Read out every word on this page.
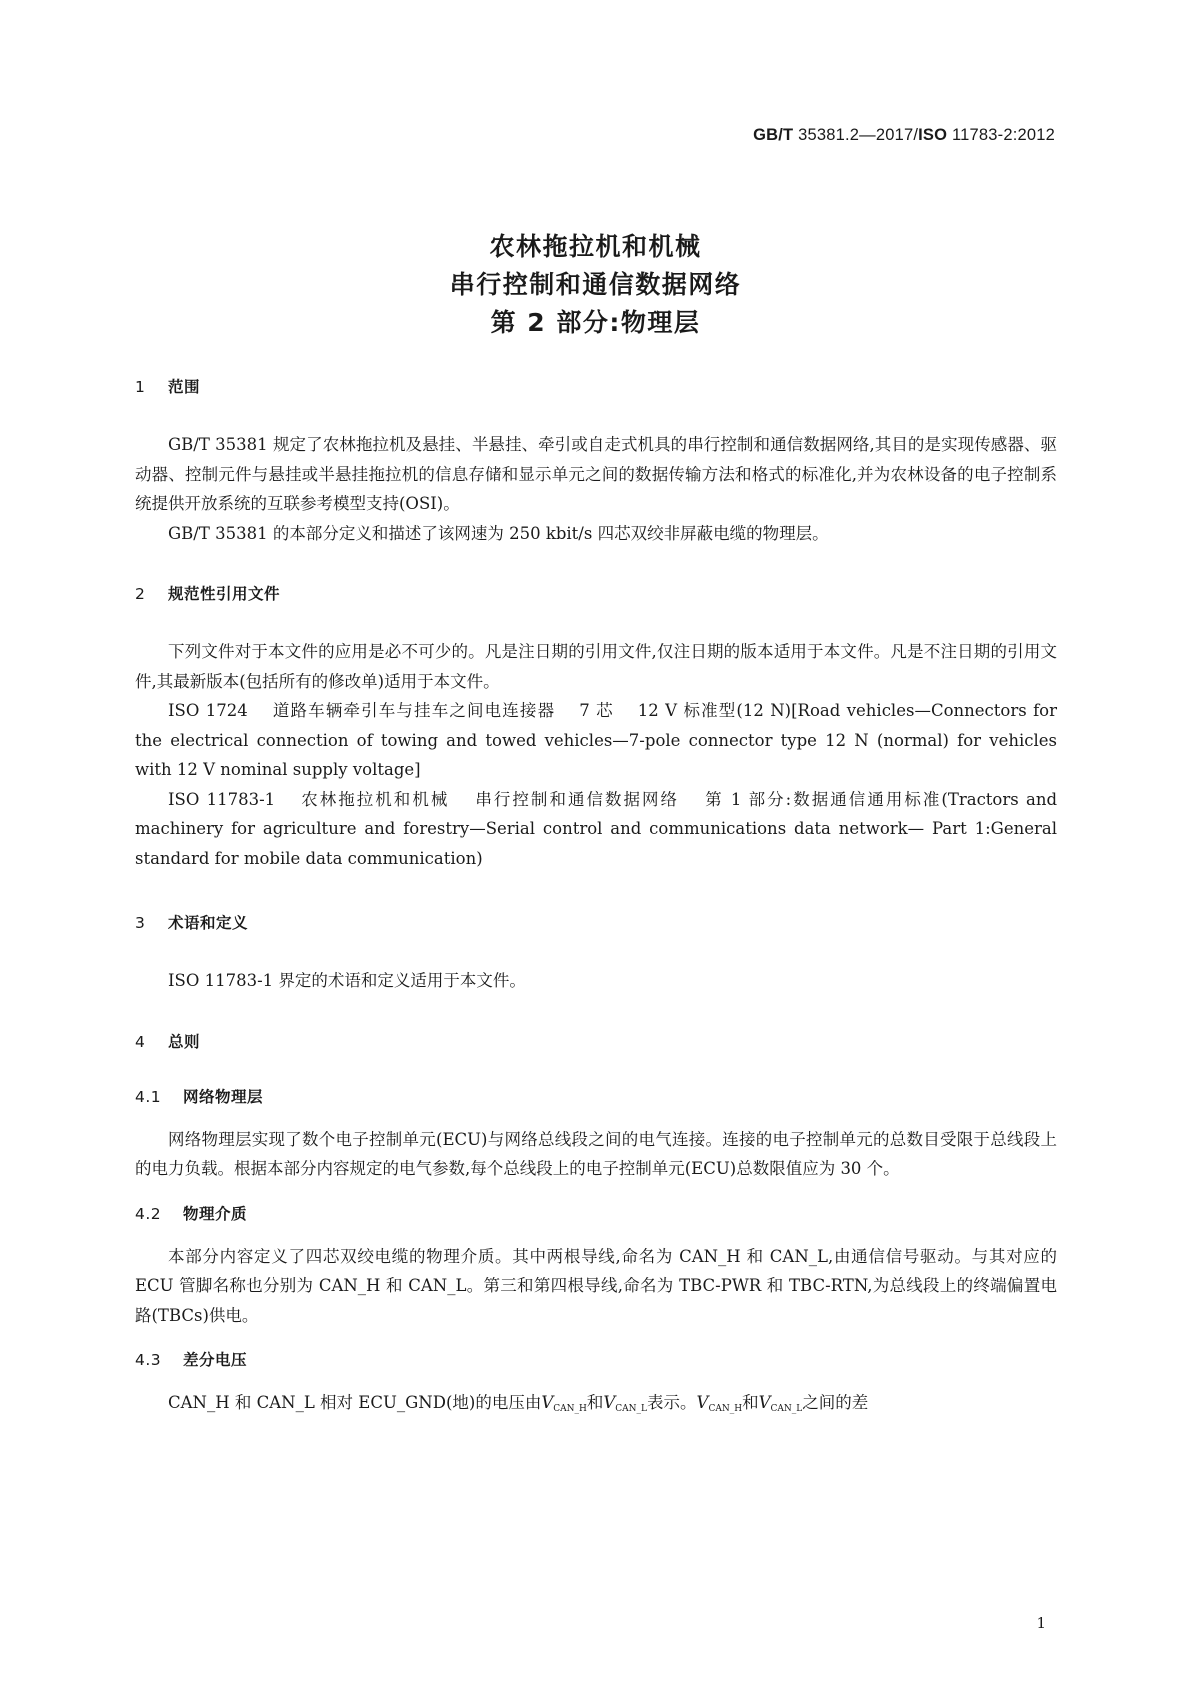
GB/T 35381.2—2017/ISO 11783-2:2012
农林拖拉机和机械
串行控制和通信数据网络
第 2 部分:物理层
1 范围

GB/T 35381 规定了农林拖拉机及悬挂、半悬挂、牵引或自走式机具的串行控制和通信数据网络,其目的是实现传感器、驱动器、控制元件与悬挂或半悬挂拖拉机的信息存储和显示单元之间的数据传输方法和格式的标准化,并为农林设备的电子控制系统提供开放系统的互联参考模型支持(OSI)。

GB/T 35381 的本部分定义和描述了该网速为 250 kbit/s 四芯双绞非屏蔽电缆的物理层。

2 规范性引用文件

下列文件对于本文件的应用是必不可少的。凡是注日期的引用文件,仅注日期的版本适用于本文件。凡是不注日期的引用文件,其最新版本(包括所有的修改单)适用于本文件。

ISO 1724 道路车辆牵引车与挂车之间电连接器 7 芯 12 V 标准型(12 N)[Road vehicles—Connectors for the electrical connection of towing and towed vehicles—7-pole connector type 12 N (normal) for vehicles with 12 V nominal supply voltage]

ISO 11783-1 农林拖拉机和机械 串行控制和通信数据网络 第 1 部分:数据通信通用标准(Tractors and machinery for agriculture and forestry—Serial control and communications data network— Part 1:General standard for mobile data communication)

3 术语和定义

ISO 11783-1 界定的术语和定义适用于本文件。

4 总则
4.1 网络物理层

网络物理层实现了数个电子控制单元(ECU)与网络总线段之间的电气连接。连接的电子控制单元的总数目受限于总线段上的电力负载。根据本部分内容规定的电气参数,每个总线段上的电子控制单元(ECU)总数限值应为 30 个。

4.2 物理介质

本部分内容定义了四芯双绞电缆的物理介质。其中两根导线,命名为 CAN_H 和 CAN_L,由通信信号驱动。与其对应的 ECU 管脚名称也分别为 CAN_H 和 CAN_L。第三和第四根导线,命名为 TBC-PWR 和 TBC-RTN,为总线段上的终端偏置电路(TBCs)供电。

4.3 差分电压

CAN_H 和 CAN_L 相对 ECU_GND(地)的电压由$V_{CAN\_H}$和$V_{CAN\_L}$表示。$V_{CAN\_H}$和$V_{CAN\_L}$之间的差

1
